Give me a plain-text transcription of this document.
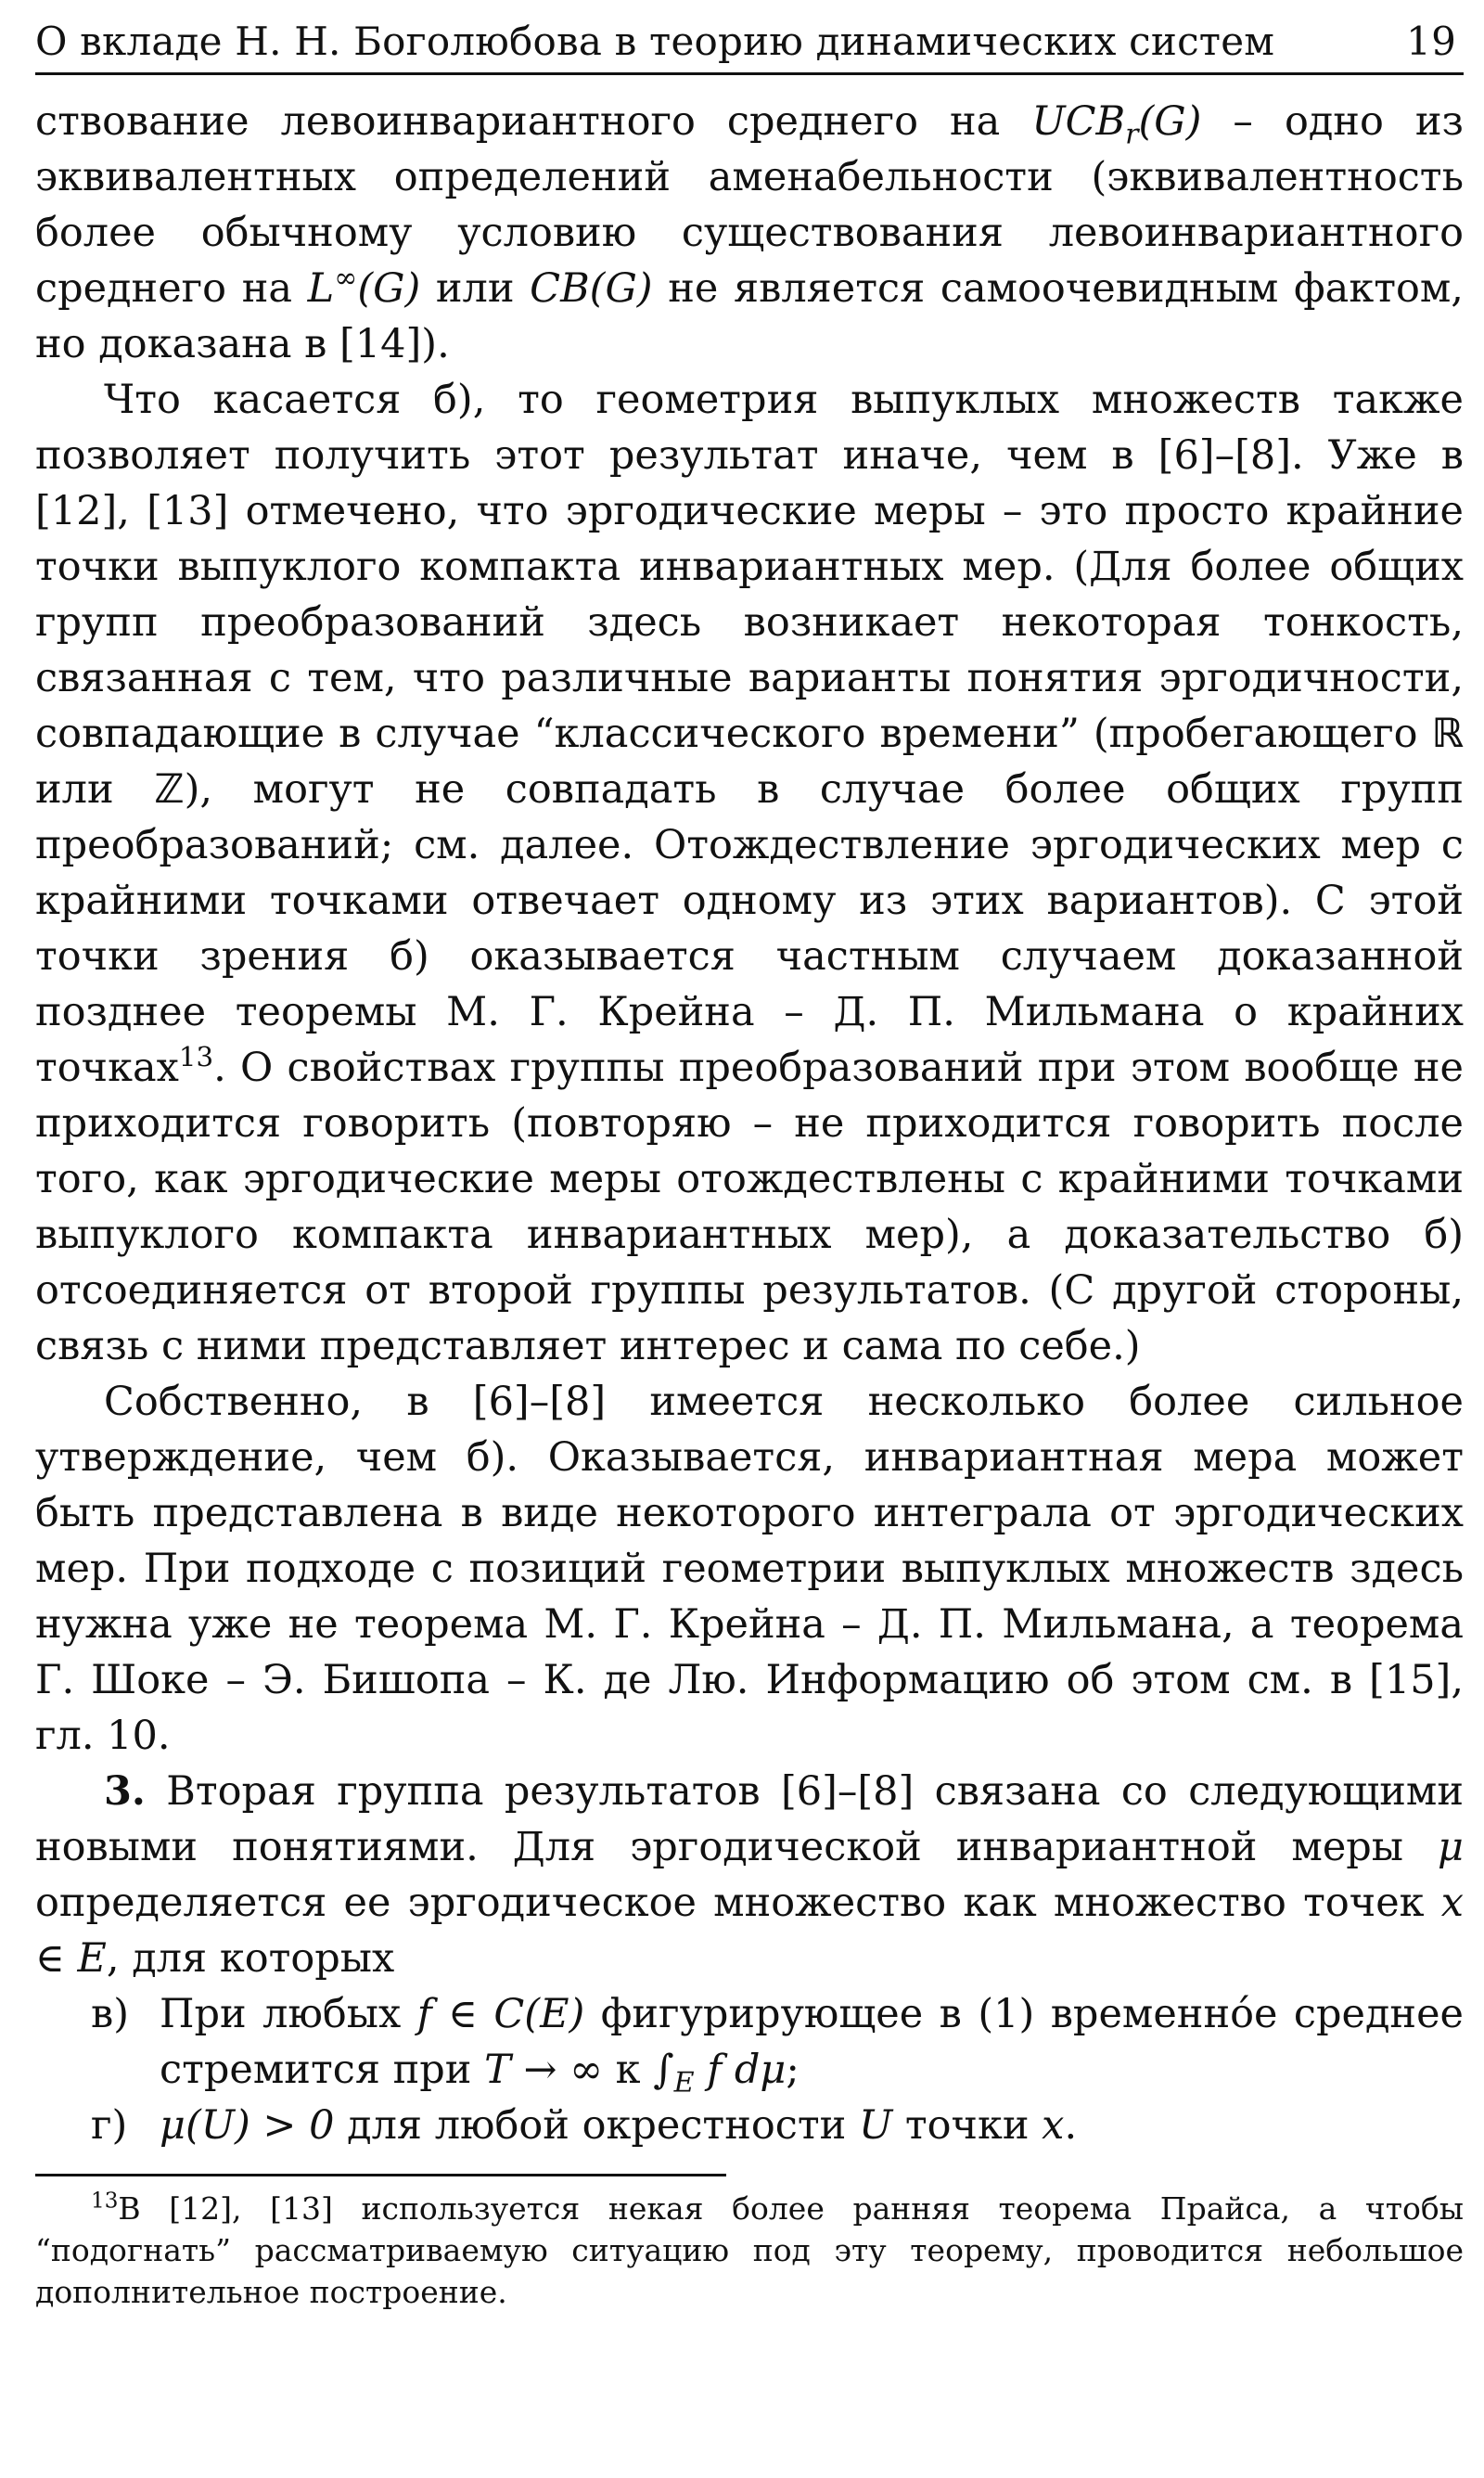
О вкладе Н. Н. Боголюбова в теорию динамических систем	19

ствование левоинвариантного среднего на $UCB_r(G)$ – одно из эквивалентных определений аменабельности (эквивалентность более обычному условию существования левоинвариантного среднего на L∞(G) или CB(G) не является самоочевидным фактом, но доказана в [14]).

Что касается б), то геометрия выпуклых множеств также позволяет получить этот результат иначе, чем в [6]–[8]. Уже в [12], [13] отмечено, что эргодические меры – это просто крайние точки выпуклого компакта инвариантных мер. (Для более общих групп преобразований здесь возникает некоторая тонкость, связанная с тем, что различные варианты понятия эргодичности, совпадающие в случае “классического времени” (пробегающего ℝ или ℤ), могут не совпадать в случае более общих групп преобразований; см. далее. Отождествление эргодических мер с крайними точками отвечает одному из этих вариантов). С этой точки зрения б) оказывается частным случаем доказанной позднее теоремы М. Г. Крейна – Д. П. Мильмана о крайних точках$^{13}$. О свойствах группы преобразований при этом вообще не приходится говорить (повторяю – не приходится говорить после того, как эргодические меры отождествлены с крайними точками выпуклого компакта инвариантных мер), а доказательство б) отсоединяется от второй группы результатов. (С другой стороны, связь с ними представляет интерес и сама по себе.)

Собственно, в [6]–[8] имеется несколько более сильное утверждение, чем б). Оказывается, инвариантная мера может быть представлена в виде некоторого интеграла от эргодических мер. При подходе с позиций геометрии выпуклых множеств здесь нужна уже не теорема М. Г. Крейна – Д. П. Мильмана, а теорема Г. Шоке – Э. Бишопа – К. де Лю. Информацию об этом см. в [15], гл. 10.

3. Вторая группа результатов [6]–[8] связана со следующими новыми понятиями. Для эргодической инвариантной меры μ определяется ее эргодическое множество как множество точек x ∈ E, для которых

в) При любых f ∈ C(E) фигурирующее в (1) временно́е среднее стремится при T → ∞ к $\int_E$ f dμ;
г) μ(U) > 0 для любой окрестности U точки x.

$^{13}$В [12], [13] используется некая более ранняя теорема Прайса, а чтобы “подогнать” рассматриваемую ситуацию под эту теорему, проводится небольшое дополнительное построение.
